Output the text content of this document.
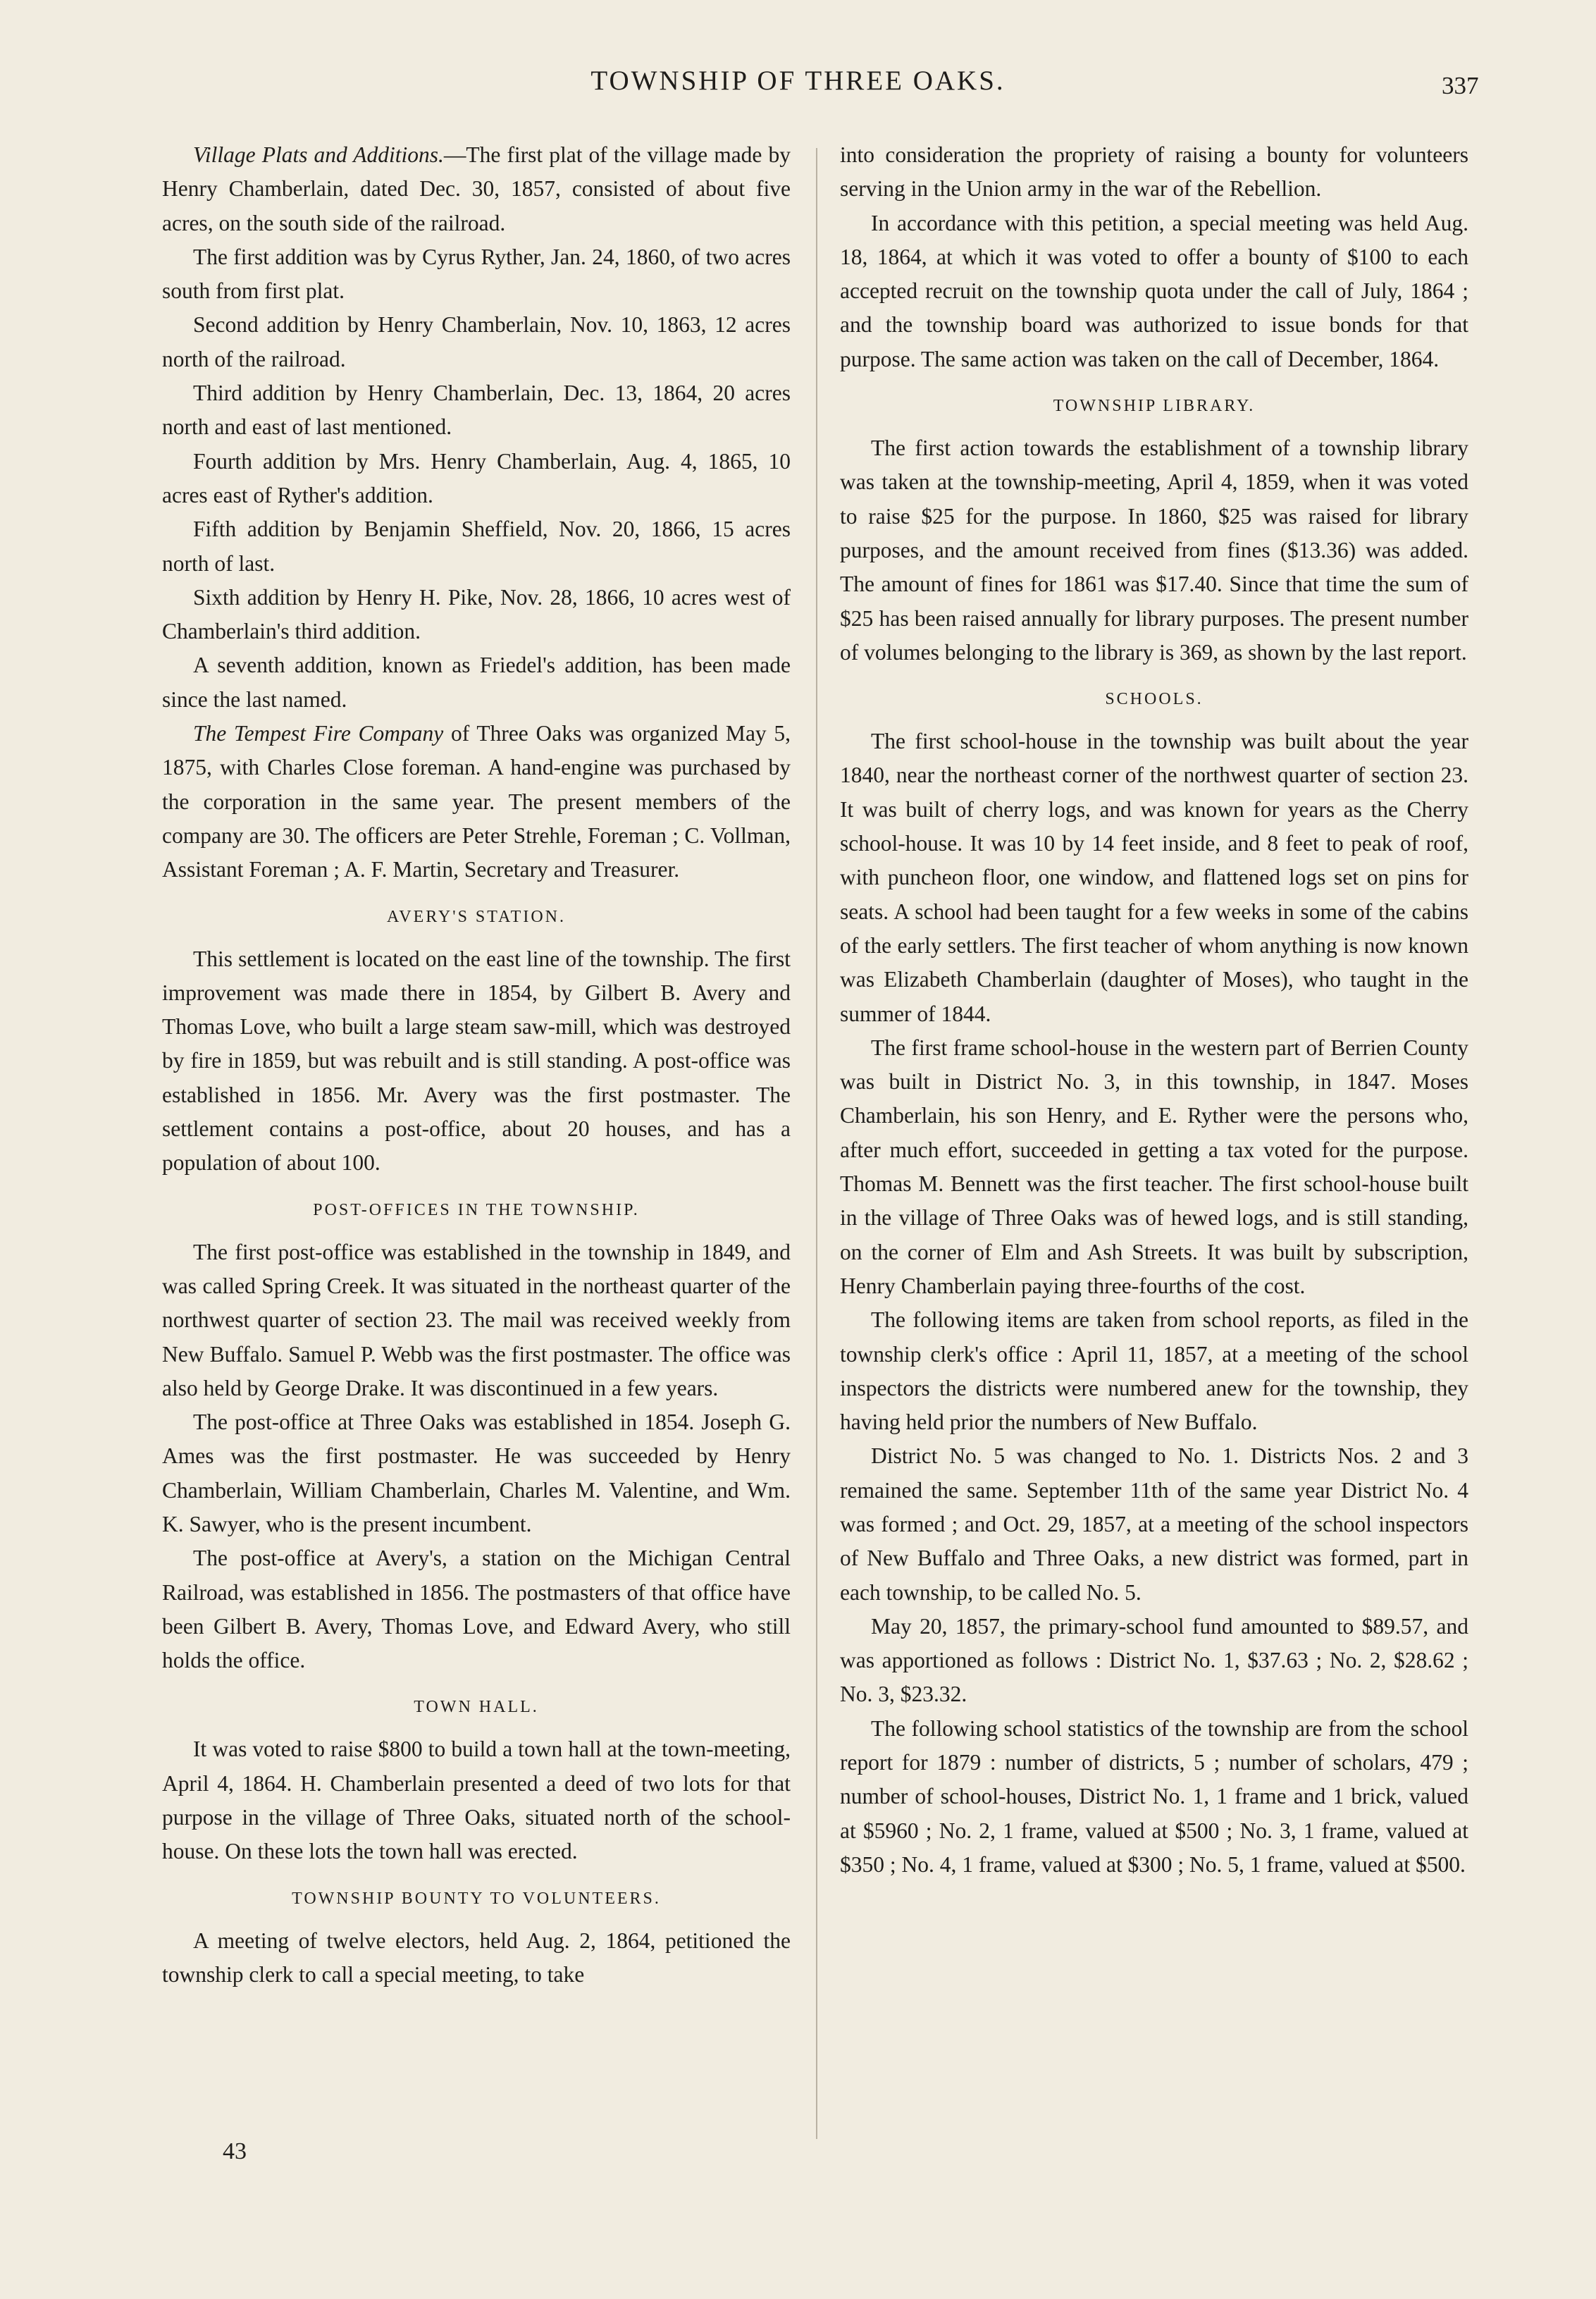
TOWNSHIP OF THREE OAKS.	337

Village Plats and Additions.—The first plat of the village made by Henry Chamberlain, dated Dec. 30, 1857, consisted of about five acres, on the south side of the railroad.

The first addition was by Cyrus Ryther, Jan. 24, 1860, of two acres south from first plat.

Second addition by Henry Chamberlain, Nov. 10, 1863, 12 acres north of the railroad.

Third addition by Henry Chamberlain, Dec. 13, 1864, 20 acres north and east of last mentioned.

Fourth addition by Mrs. Henry Chamberlain, Aug. 4, 1865, 10 acres east of Ryther's addition.

Fifth addition by Benjamin Sheffield, Nov. 20, 1866, 15 acres north of last.

Sixth addition by Henry H. Pike, Nov. 28, 1866, 10 acres west of Chamberlain's third addition.

A seventh addition, known as Friedel's addition, has been made since the last named.

The Tempest Fire Company of Three Oaks was organized May 5, 1875, with Charles Close foreman. A hand-engine was purchased by the corporation in the same year. The present members of the company are 30. The officers are Peter Strehle, Foreman ; C. Vollman, Assistant Foreman ; A. F. Martin, Secretary and Treasurer.

AVERY'S STATION.

This settlement is located on the east line of the township. The first improvement was made there in 1854, by Gilbert B. Avery and Thomas Love, who built a large steam saw-mill, which was destroyed by fire in 1859, but was rebuilt and is still standing. A post-office was established in 1856. Mr. Avery was the first postmaster. The settlement contains a post-office, about 20 houses, and has a population of about 100.

POST-OFFICES IN THE TOWNSHIP.

The first post-office was established in the township in 1849, and was called Spring Creek. It was situated in the northeast quarter of the northwest quarter of section 23. The mail was received weekly from New Buffalo. Samuel P. Webb was the first postmaster. The office was also held by George Drake. It was discontinued in a few years.

The post-office at Three Oaks was established in 1854. Joseph G. Ames was the first postmaster. He was succeeded by Henry Chamberlain, William Chamberlain, Charles M. Valentine, and Wm. K. Sawyer, who is the present incumbent.

The post-office at Avery's, a station on the Michigan Central Railroad, was established in 1856. The postmasters of that office have been Gilbert B. Avery, Thomas Love, and Edward Avery, who still holds the office.

TOWN HALL.

It was voted to raise $800 to build a town hall at the town-meeting, April 4, 1864. H. Chamberlain presented a deed of two lots for that purpose in the village of Three Oaks, situated north of the school-house. On these lots the town hall was erected.

TOWNSHIP BOUNTY TO VOLUNTEERS.

A meeting of twelve electors, held Aug. 2, 1864, petitioned the township clerk to call a special meeting, to take

into consideration the propriety of raising a bounty for volunteers serving in the Union army in the war of the Rebellion.

In accordance with this petition, a special meeting was held Aug. 18, 1864, at which it was voted to offer a bounty of $100 to each accepted recruit on the township quota under the call of July, 1864 ; and the township board was authorized to issue bonds for that purpose. The same action was taken on the call of December, 1864.

TOWNSHIP LIBRARY.

The first action towards the establishment of a township library was taken at the township-meeting, April 4, 1859, when it was voted to raise $25 for the purpose. In 1860, $25 was raised for library purposes, and the amount received from fines ($13.36) was added. The amount of fines for 1861 was $17.40. Since that time the sum of $25 has been raised annually for library purposes. The present number of volumes belonging to the library is 369, as shown by the last report.

SCHOOLS.

The first school-house in the township was built about the year 1840, near the northeast corner of the northwest quarter of section 23. It was built of cherry logs, and was known for years as the Cherry school-house. It was 10 by 14 feet inside, and 8 feet to peak of roof, with puncheon floor, one window, and flattened logs set on pins for seats. A school had been taught for a few weeks in some of the cabins of the early settlers. The first teacher of whom anything is now known was Elizabeth Chamberlain (daughter of Moses), who taught in the summer of 1844.

The first frame school-house in the western part of Berrien County was built in District No. 3, in this township, in 1847. Moses Chamberlain, his son Henry, and E. Ryther were the persons who, after much effort, succeeded in getting a tax voted for the purpose. Thomas M. Bennett was the first teacher. The first school-house built in the village of Three Oaks was of hewed logs, and is still standing, on the corner of Elm and Ash Streets. It was built by subscription, Henry Chamberlain paying three-fourths of the cost.

The following items are taken from school reports, as filed in the township clerk's office : April 11, 1857, at a meeting of the school inspectors the districts were numbered anew for the township, they having held prior the numbers of New Buffalo.

District No. 5 was changed to No. 1. Districts Nos. 2 and 3 remained the same. September 11th of the same year District No. 4 was formed ; and Oct. 29, 1857, at a meeting of the school inspectors of New Buffalo and Three Oaks, a new district was formed, part in each township, to be called No. 5.

May 20, 1857, the primary-school fund amounted to $89.57, and was apportioned as follows : District No. 1, $37.63 ; No. 2, $28.62 ; No. 3, $23.32.

The following school statistics of the township are from the school report for 1879 : number of districts, 5 ; number of scholars, 479 ; number of school-houses, District No. 1, 1 frame and 1 brick, valued at $5960 ; No. 2, 1 frame, valued at $500 ; No. 3, 1 frame, valued at $350 ; No. 4, 1 frame, valued at $300 ; No. 5, 1 frame, valued at $500.

43
